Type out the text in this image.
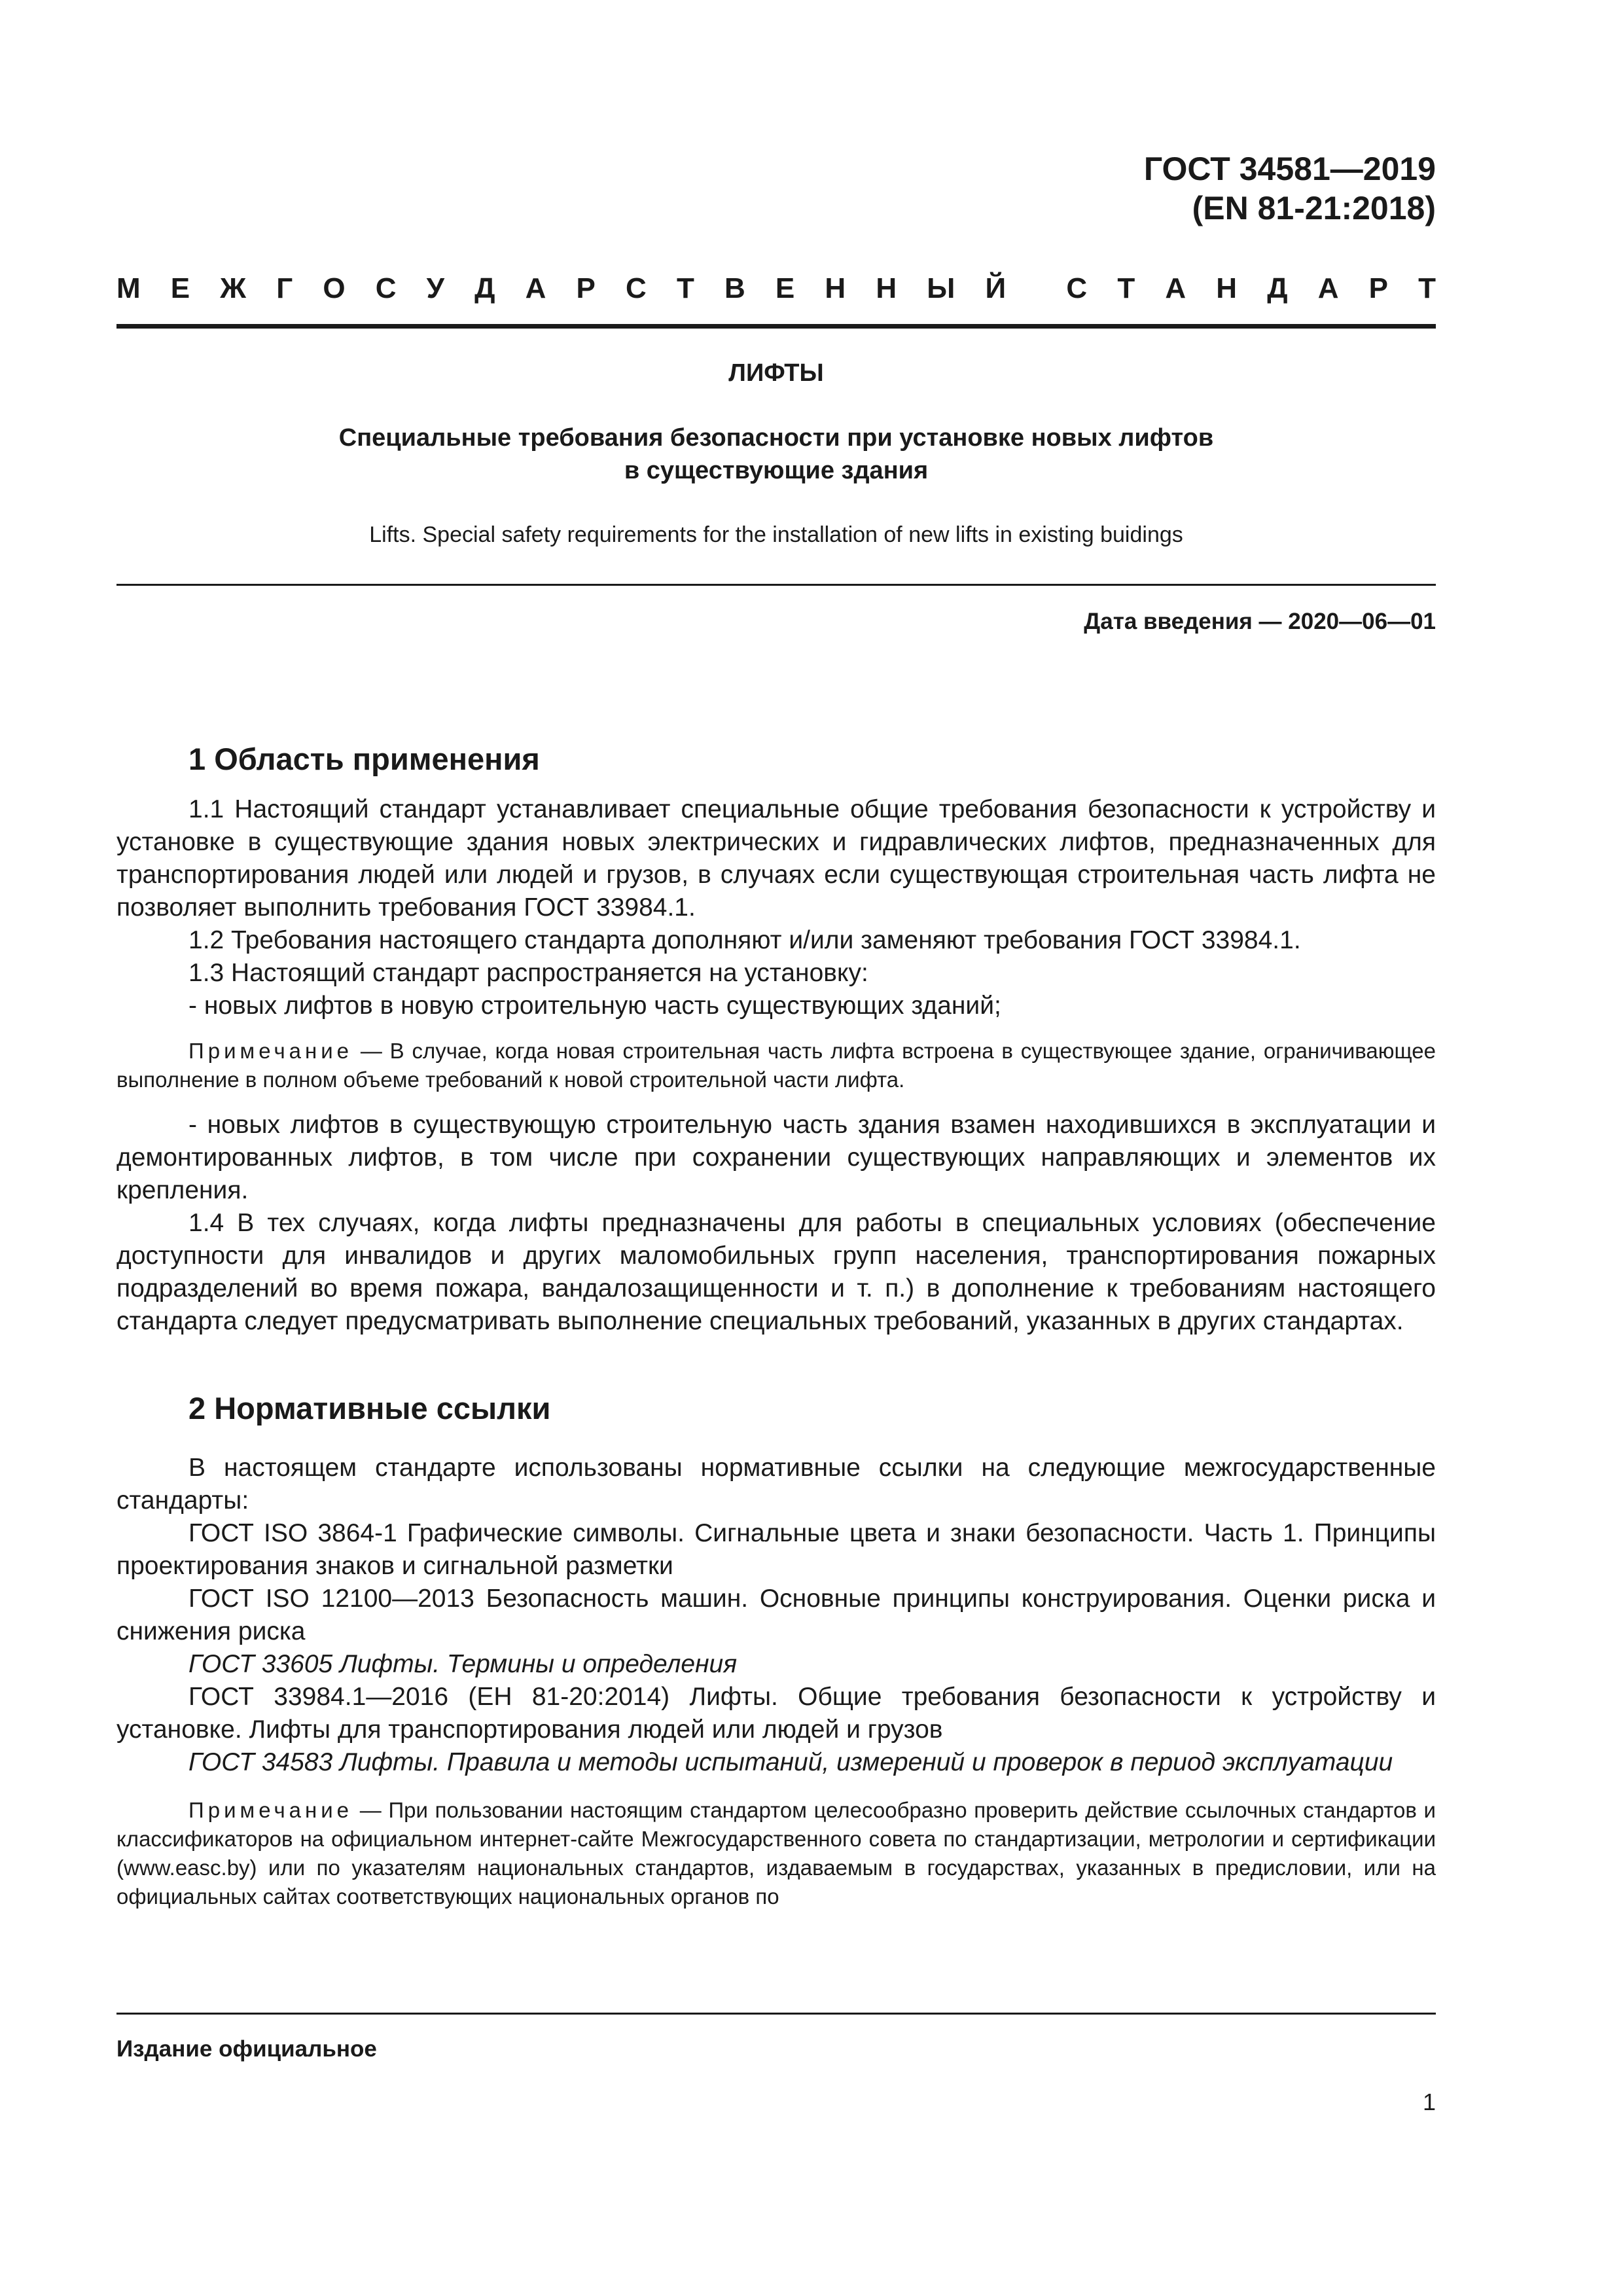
ГОСТ 34581—2019
(EN 81-21:2018)
М Е Ж Г О С У Д А Р С Т В Е Н Н Ы Й С Т А Н Д А Р Т
ЛИФТЫ
Специальные требования безопасности при установке новых лифтов
в существующие здания
Lifts. Special safety requirements for the installation of new lifts in existing buidings
Дата введения — 2020—06—01
1 Область применения

1.1 Настоящий стандарт устанавливает специальные общие требования безопасности к устройству и установке в существующие здания новых электрических и гидравлических лифтов, предназначенных для транспортирования людей или людей и грузов, в случаях если существующая строительная часть лифта не позволяет выполнить требования ГОСТ 33984.1.

1.2 Требования настоящего стандарта дополняют и/или заменяют требования ГОСТ 33984.1.

1.3 Настоящий стандарт распространяется на установку:

- новых лифтов в новую строительную часть существующих зданий;

Примечание — В случае, когда новая строительная часть лифта встроена в существующее здание, ограничивающее выполнение в полном объеме требований к новой строительной части лифта.

- новых лифтов в существующую строительную часть здания взамен находившихся в эксплуатации и демонтированных лифтов, в том числе при сохранении существующих направляющих и элементов их крепления.

1.4 В тех случаях, когда лифты предназначены для работы в специальных условиях (обеспечение доступности для инвалидов и других маломобильных групп населения, транспортирования пожарных подразделений во время пожара, вандалозащищенности и т. п.) в дополнение к требованиям настоящего стандарта следует предусматривать выполнение специальных требований, указанных в других стандартах.

2 Нормативные ссылки

В настоящем стандарте использованы нормативные ссылки на следующие межгосударственные стандарты:

ГОСТ ISO 3864-1 Графические символы. Сигнальные цвета и знаки безопасности. Часть 1. Принципы проектирования знаков и сигнальной разметки

ГОСТ ISO 12100—2013 Безопасность машин. Основные принципы конструирования. Оценки риска и снижения риска

ГОСТ 33605 Лифты. Термины и определения

ГОСТ 33984.1—2016 (EH 81-20:2014) Лифты. Общие требования безопасности к устройству и установке. Лифты для транспортирования людей или людей и грузов

ГОСТ 34583 Лифты. Правила и методы испытаний, измерений и проверок в период эксплуатации

Примечание — При пользовании настоящим стандартом целесообразно проверить действие ссылочных стандартов и классификаторов на официальном интернет-сайте Межгосударственного совета по стандартизации, метрологии и сертификации (www.easc.by) или по указателям национальных стандартов, издаваемым в государствах, указанных в предисловии, или на официальных сайтах соответствующих национальных органов по

Издание официальное
1
